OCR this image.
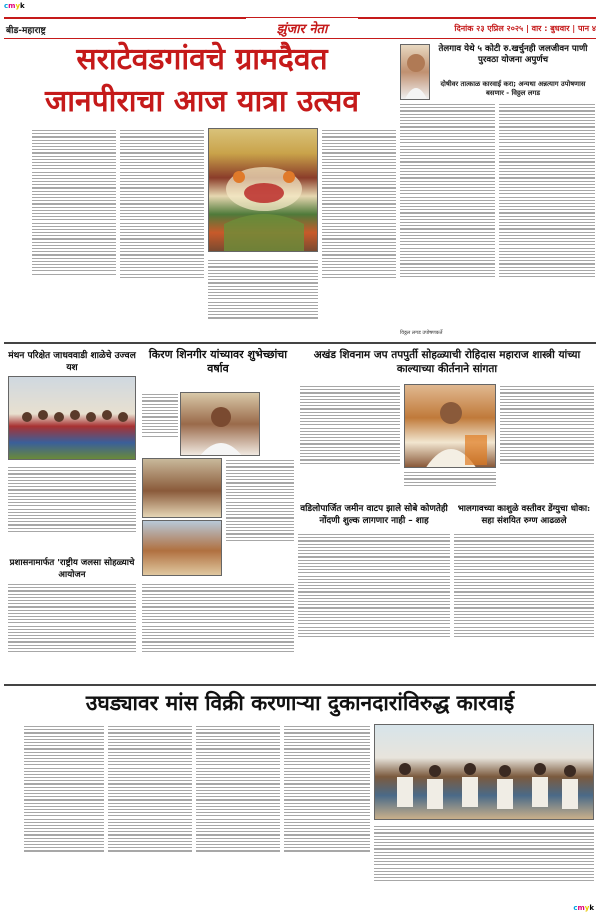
cmyk
बीड-महाराष्ट्र	झुंजार नेता	दिनांक २३ एप्रिल २०२५ | वार : बुधवार | पान ४
सराटेवडगांवचे ग्रामदैवत
जानपीराचा आज यात्रा उत्सव
तेलगाव येथे ५ कोटी रु.खर्चुनही जलजीवन पाणी पुरवठा योजना अपुर्णच
दोषीवर तात्काळ कारवाई करा; अन्यथा अन्नत्याग उपोषणास बसणार - विठ्ठल लगड
विठ्ठल लगड उपोषणकर्ते
मंथन परिक्षेत जाधववाडी शाळेचे उज्वल यश
प्रशासनामार्फत 'राष्ट्रीय जलसा सोहळ्याचे आयोजन
किरण शिनगीर यांच्यावर शुभेच्छांचा वर्षाव
अखंड शिवनाम जप तपपुर्ती सोहळ्याची रोहिदास महाराज शास्त्री यांच्या काल्याच्या कीर्तनाने सांगता
वडिलोपार्जित जमीन वाटप झाले सोबे कोणतेही नोंदणी शुल्क लागणार नाही – शाह
भालगावच्या काशुळे वस्तीवर डेंग्युचा धोका: सहा संशयित रुग्ण आढळले
उघड्यावर मांस विक्री करणाऱ्या दुकानदारांविरुद्ध कारवाई
cmyk
